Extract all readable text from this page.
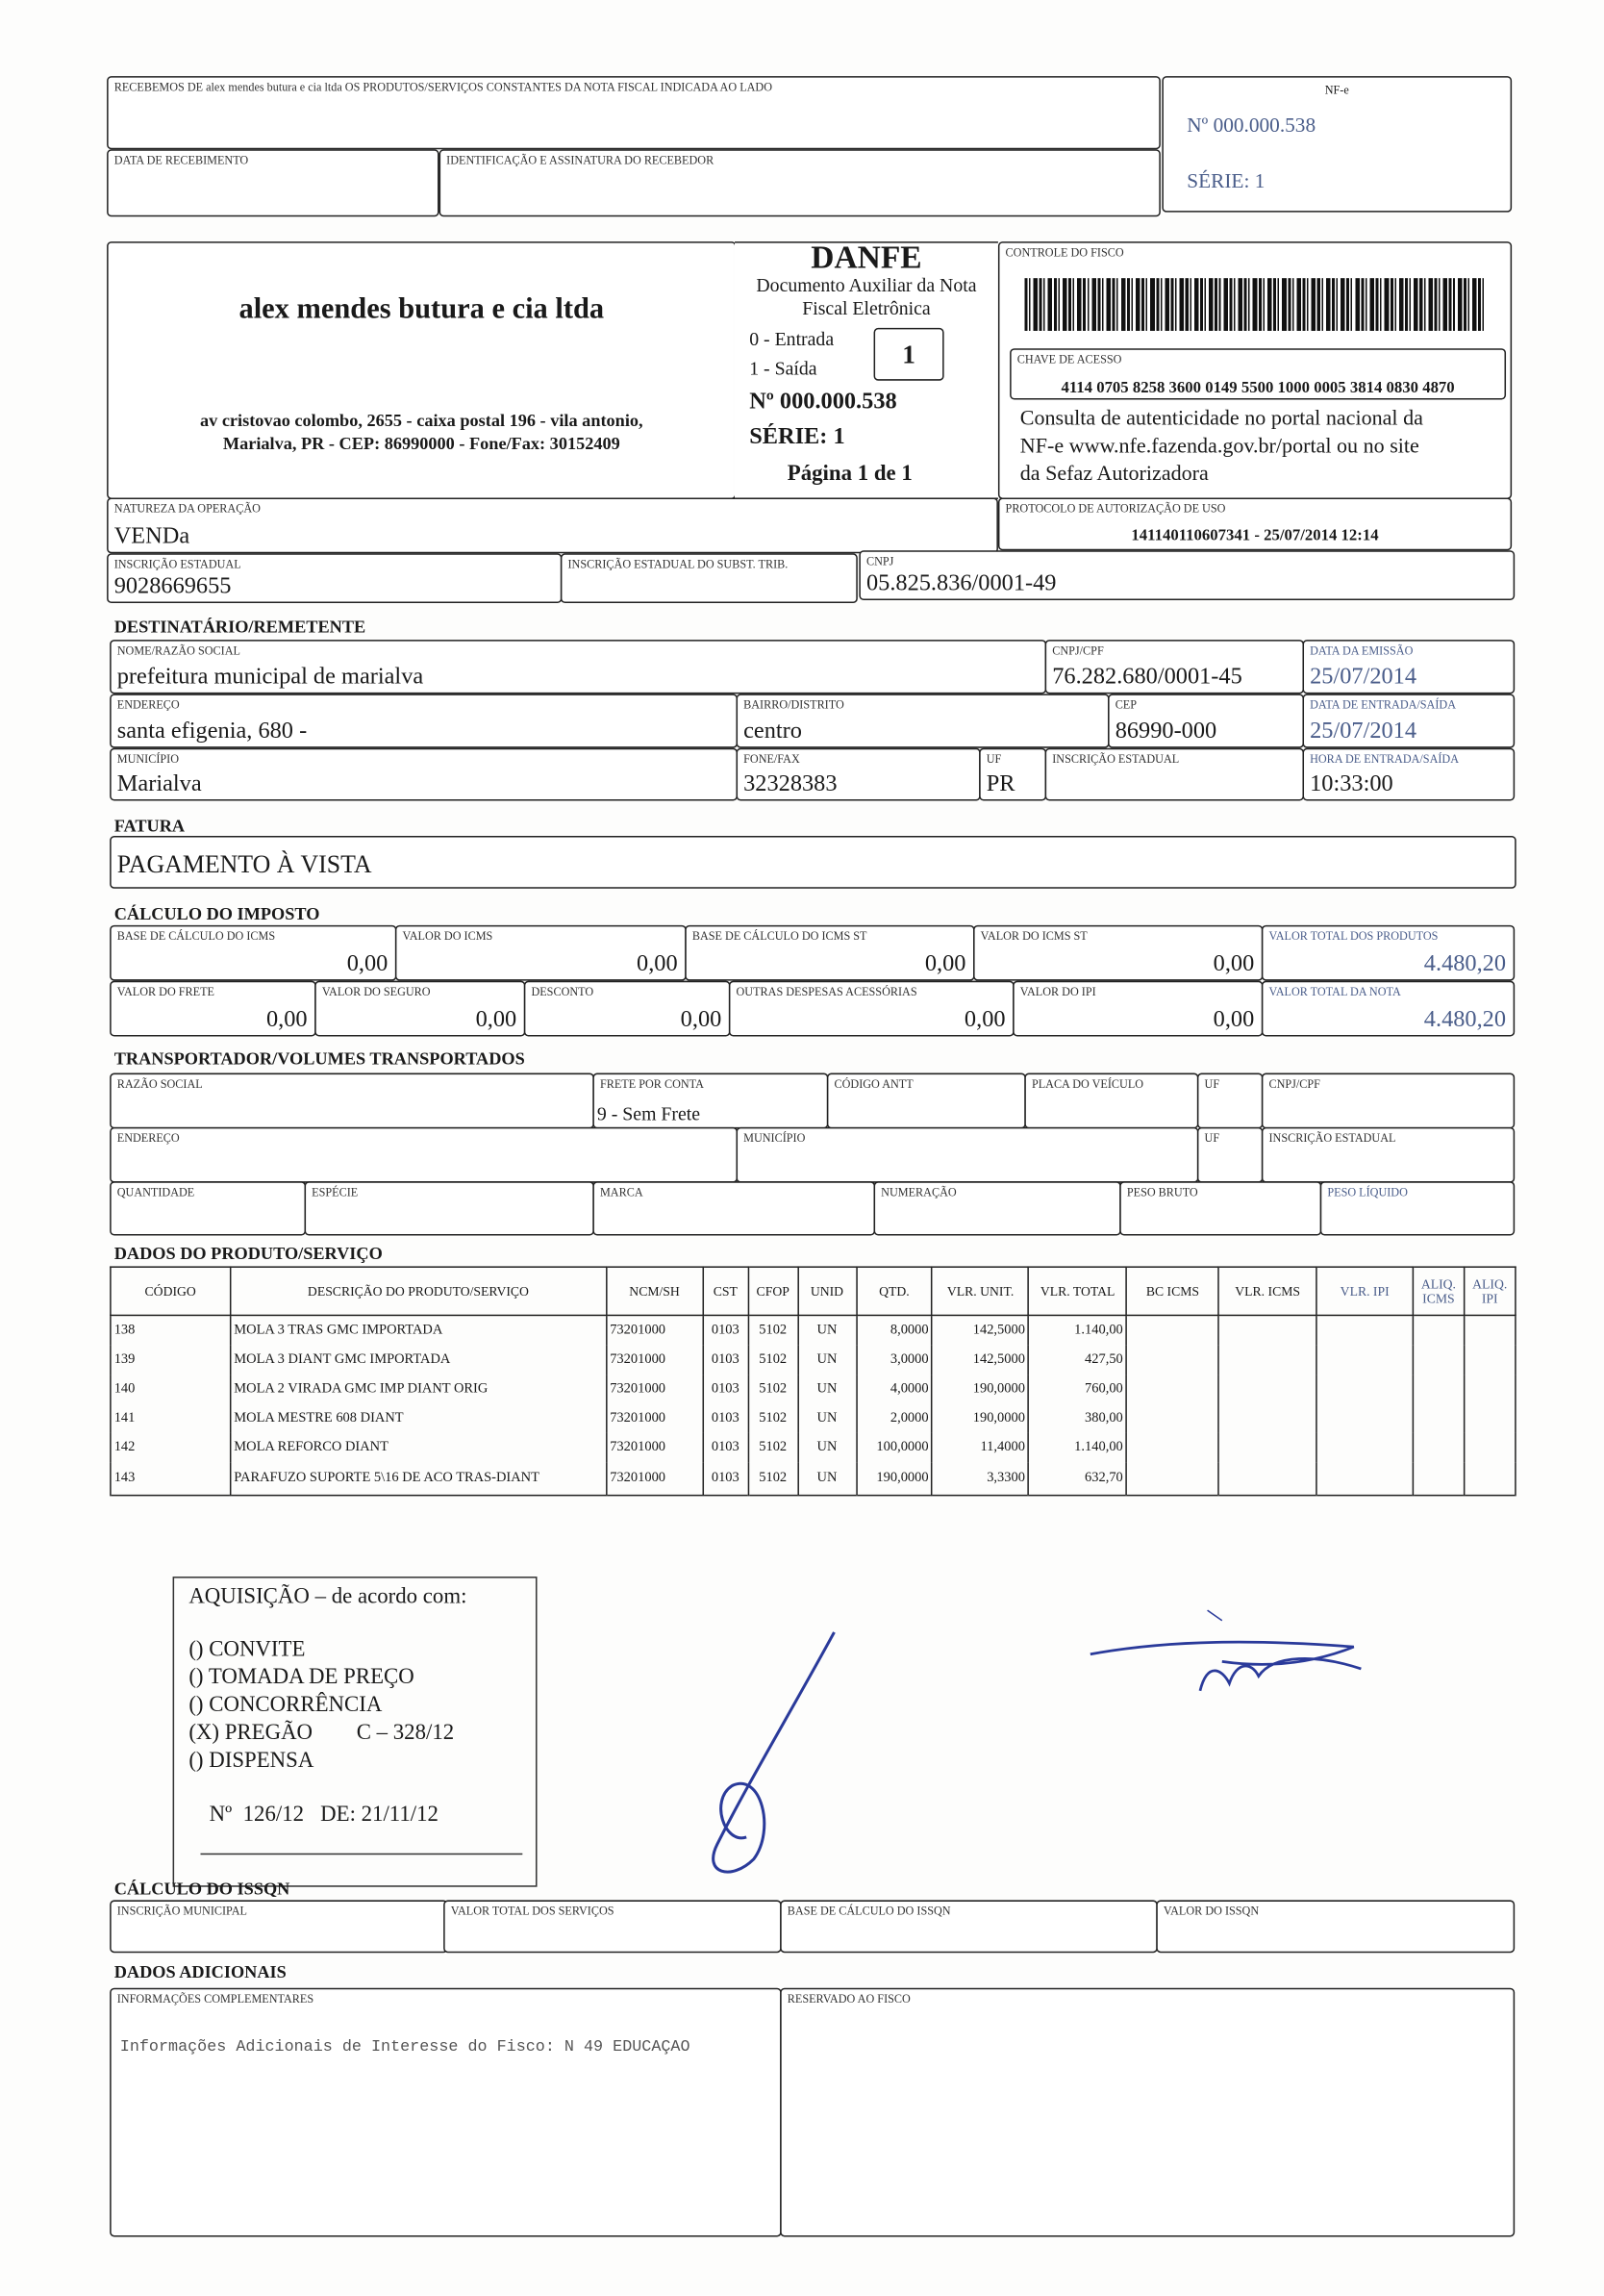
RECEBEMOS DE alex mendes butura e cia ltda OS PRODUTOS/SERVIÇOS CONSTANTES DA NOTA FISCAL INDICADA AO LADO
DATA DE RECEBIMENTO	IDENTIFICAÇÃO E ASSINATURA DO RECEBEDOR
NF-e
Nº 000.000.538
SÉRIE: 1
alex mendes butura e cia ltda
av cristovao colombo, 2655 - caixa postal 196 - vila antonio,
Marialva, PR - CEP: 86990000 - Fone/Fax: 30152409
DANFE
Documento Auxiliar da Nota
Fiscal Eletrônica
0 - Entrada
1 - Saída	1
Nº 000.000.538
SÉRIE: 1
Página 1 de 1
CONTROLE DO FISCO
CHAVE DE ACESSO
4114 0705 8258 3600 0149 5500 1000 0005 3814 0830 4870
Consulta de autenticidade no portal nacional da
NF-e www.nfe.fazenda.gov.br/portal ou no site
da Sefaz Autorizadora
NATUREZA DA OPERAÇÃO
VENDa
PROTOCOLO DE AUTORIZAÇÃO DE USO
141140110607341 - 25/07/2014 12:14
INSCRIÇÃO ESTADUAL
9028669655
INSCRIÇÃO ESTADUAL DO SUBST. TRIB.	CNPJ
05.825.836/0001-49
DESTINATÁRIO/REMETENTE
NOME/RAZÃO SOCIAL
prefeitura municipal de marialva
CNPJ/CPF
76.282.680/0001-45
DATA DA EMISSÃO
25/07/2014
ENDEREÇO
santa efigenia, 680 -
BAIRRO/DISTRITO
centro
CEP
86990-000
DATA DE ENTRADA/SAÍDA
25/07/2014
MUNICÍPIO
Marialva
FONE/FAX
32328383
UF
PR
INSCRIÇÃO ESTADUAL	HORA DE ENTRADA/SAÍDA
10:33:00
FATURA
PAGAMENTO À VISTA
CÁLCULO DO IMPOSTO
BASE DE CÁLCULO DO ICMS
0,00
VALOR DO ICMS
0,00
BASE DE CÁLCULO DO ICMS ST
0,00
VALOR DO ICMS ST
0,00
VALOR TOTAL DOS PRODUTOS
4.480,20
VALOR DO FRETE
0,00
VALOR DO SEGURO
0,00
DESCONTO
0,00
OUTRAS DESPESAS ACESSÓRIAS
0,00
VALOR DO IPI
0,00
VALOR TOTAL DA NOTA
4.480,20
TRANSPORTADOR/VOLUMES TRANSPORTADOS
RAZÃO SOCIAL	FRETE POR CONTA
9 - Sem Frete
CÓDIGO ANTT	PLACA DO VEÍCULO	UF	CNPJ/CPF
ENDEREÇO	MUNICÍPIO	UF	INSCRIÇÃO ESTADUAL
QUANTIDADE	ESPÉCIE	MARCA	NUMERAÇÃO	PESO BRUTO	PESO LÍQUIDO
DADOS DO PRODUTO/SERVIÇO
CÓDIGO	DESCRIÇÃO DO PRODUTO/SERVIÇO	NCM/SH	CST	CFOP	UNID	QTD.	VLR. UNIT.	VLR. TOTAL	BC ICMS	VLR. ICMS	VLR. IPI	ALIQ. ICMS	ALIQ. IPI
138	MOLA 3 TRAS GMC IMPORTADA	73201000	0103	5102	UN	8,0000	142,5000	1.140,00					
139	MOLA 3 DIANT GMC IMPORTADA	73201000	0103	5102	UN	3,0000	142,5000	427,50					
140	MOLA 2 VIRADA GMC IMP DIANT ORIG	73201000	0103	5102	UN	4,0000	190,0000	760,00					
141	MOLA MESTRE 608 DIANT	73201000	0103	5102	UN	2,0000	190,0000	380,00					
142	MOLA REFORCO DIANT	73201000	0103	5102	UN	100,0000	11,4000	1.140,00					
143	PARAFUZO SUPORTE 5\16 DE ACO TRAS-DIANT	73201000	0103	5102	UN	190,0000	3,3300	632,70					
AQUISIÇÃO – de acordo com:
() CONVITE
() TOMADA DE PREÇO
() CONCORRÊNCIA
(X) PREGÃO        C – 328/12
() DISPENSA
Nº  126/12   DE: 21/11/12
CÁLCULO DO ISSQN
INSCRIÇÃO MUNICIPAL	VALOR TOTAL DOS SERVIÇOS	BASE DE CÁLCULO DO ISSQN	VALOR DO ISSQN
DADOS ADICIONAIS
INFORMAÇÕES COMPLEMENTARES
Informações Adicionais de Interesse do Fisco: N 49 EDUCAÇAO
RESERVADO AO FISCO
